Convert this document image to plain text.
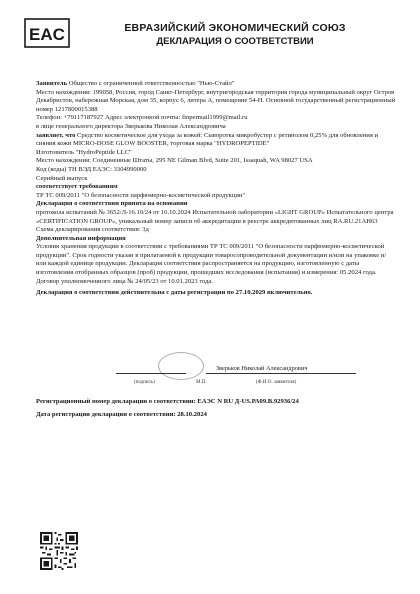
EAC	ЕВРАЗИЙСКИЙ ЭКОНОМИЧЕСКИЙ СОЮЗ
ДЕКЛАРАЦИЯ О СООТВЕТСТВИИ

Заявитель Общество с ограниченной ответственностью "Нью-Стайл"

Место нахождения: 199058, Россия, город Санкт-Петербург, внутригородская территория города муниципальный округ Остров Декабристов, набережная Морская, дом 35, корпус 6, литера А, помещение 54-Н. Основной государственный регистрационный номер 1217800015388

Телефон: +79117187927 Адрес электронной почты: finpermail1999@mail.ru

в лице генерального директора Зверькова Николая Александровича

заявляет, что Средство косметическое для ухода за кожей: Сыворотка микробустер с ретинолом 0,25% для обновления и сияния кожи MICRO-DOSE GLOW BOOSTER, торговая марка "HYDROPEPTIDE"

Изготовитель "HydroPeptide LLC"

Место нахождения: Соединенные Штаты, 295 NE Gilman Blvd, Suite 201, Issaquah, WA 98027 USA

Код (коды) ТН ВЭД ЕАЭС: 3304990000

Серийный выпуск

соответствует требованиям

ТР ТС 009/2011 "О безопасности парфюмерно-косметической продукции"

Декларация о соответствии принята на основании

протокола испытаний № 3652/Л-16.10/24 от 16.10.2024 Испытательной лаборатории «LIGHT GROUP» Испытательного центра «CERTIFICATION GROUP», уникальный номер записи об аккредитации в реестре аккредитованных лиц RA.RU.21AH63

Схема декларирования соответствия: 3д

Дополнительная информация

Условия хранения продукции в соответствии с требованиями ТР ТС 009/2011 "О безопасности парфюмерно-косметической продукции". Срок годности указан в прилагаемой к продукции товаросопроводительной документации и/или на упаковке и/или каждой единице продукции. Декларация соответствия распространяется на продукцию, изготовленную с даты изготовления отобранных образцов (проб) продукции, прошедших исследования (испытания) и измерения: 05.2024 года. Договор уполномоченного лица № 24/05/23 от 10.01.2023 года.

Декларация о соответствии действительна с даты регистрации по 27.10.2029 включительно.

Зверьков Николай Александрович
(подпись)	М.П.	(Ф.И.О. заявителя)
Регистрационный номер декларации о соответствии: ЕАЭС N RU Д-US.РА09.В.92936/24
Дата регистрации декларации о соответствии: 28.10.2024
